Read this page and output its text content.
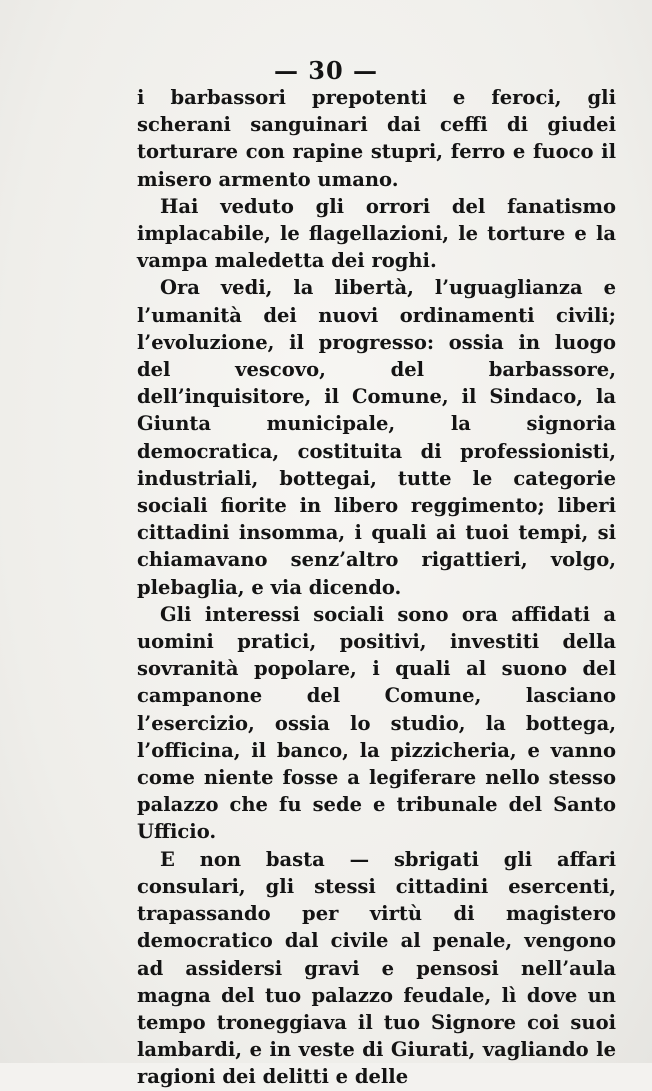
— 30 —

i barbassori prepotenti e feroci, gli scherani sanguinari dai ceffi di giudei torturare con rapine stupri, ferro e fuoco il misero armento umano.

Hai veduto gli orrori del fanatismo implacabile, le flagellazioni, le torture e la vampa maledetta dei roghi.

Ora vedi, la libertà, l’uguaglianza e l’umanità dei nuovi ordinamenti civili; l’evoluzione, il progresso: ossia in luogo del vescovo, del barbassore, dell’inquisitore, il Comune, il Sindaco, la Giunta municipale, la signoria democratica, costituita di professionisti, industriali, bottegai, tutte le categorie sociali fiorite in libero reggimento; liberi cittadini insomma, i quali ai tuoi tempi, si chiamavano senz’altro rigattieri, volgo, plebaglia, e via dicendo.

Gli interessi sociali sono ora affidati a uomini pratici, positivi, investiti della sovranità popolare, i quali al suono del campanone del Comune, lasciano l’esercizio, ossia lo studio, la bottega, l’officina, il banco, la pizzicheria, e vanno come niente fosse a legiferare nello stesso palazzo che fu sede e tribunale del Santo Ufficio.

E non basta — sbrigati gli affari consulari, gli stessi cittadini esercenti, trapassando per virtù di magistero democratico dal civile al penale, vengono ad assidersi gravi e pensosi nell’aula magna del tuo palazzo feudale, lì dove un tempo troneggiava il tuo Signore coi suoi lambardi, e in veste di Giurati, vagliando le ragioni dei delitti e delle
